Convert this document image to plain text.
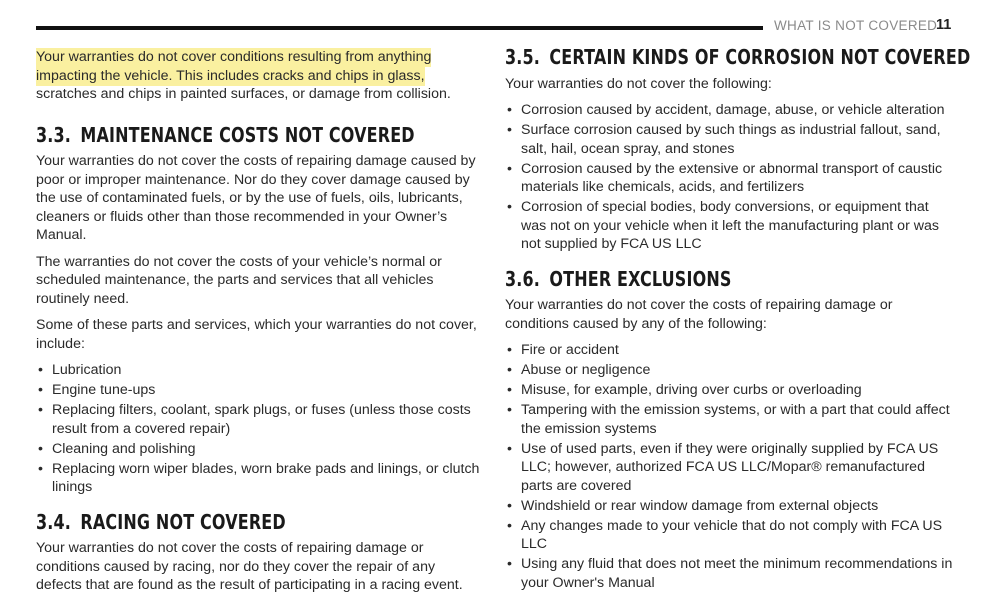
WHAT IS NOT COVERED
11

Your warranties do not cover conditions resulting from anything impacting the vehicle. This includes cracks and chips in glass, scratches and chips in painted surfaces, or damage from collision.

3.3. MAINTENANCE COSTS NOT COVERED

Your warranties do not cover the costs of repairing damage caused by poor or improper maintenance. Nor do they cover damage caused by the use of contaminated fuels, or by the use of fuels, oils, lubricants, cleaners or fluids other than those recommended in your Owner’s Manual.

The warranties do not cover the costs of your vehicle’s normal or scheduled maintenance, the parts and services that all vehicles routinely need.

Some of these parts and services, which your warranties do not cover, include:

• Lubrication
• Engine tune-ups
• Replacing filters, coolant, spark plugs, or fuses (unless those costs result from a covered repair)
• Cleaning and polishing
• Replacing worn wiper blades, worn brake pads and linings, or clutch linings
3.4. RACING NOT COVERED

Your warranties do not cover the costs of repairing damage or conditions caused by racing, nor do they cover the repair of any defects that are found as the result of participating in a racing event.

3.5. CERTAIN KINDS OF CORROSION NOT COVERED

Your warranties do not cover the following:

• Corrosion caused by accident, damage, abuse, or vehicle alteration
• Surface corrosion caused by such things as industrial fallout, sand, salt, hail, ocean spray, and stones
• Corrosion caused by the extensive or abnormal transport of caustic materials like chemicals, acids, and fertilizers
• Corrosion of special bodies, body conversions, or equipment that was not on your vehicle when it left the manufacturing plant or was not supplied by FCA US LLC
3.6. OTHER EXCLUSIONS

Your warranties do not cover the costs of repairing damage or conditions caused by any of the following:

• Fire or accident
• Abuse or negligence
• Misuse, for example, driving over curbs or overloading
• Tampering with the emission systems, or with a part that could affect the emission systems
• Use of used parts, even if they were originally supplied by FCA US LLC; however, authorized FCA US LLC/Mopar® remanufactured parts are covered
• Windshield or rear window damage from external objects
• Any changes made to your vehicle that do not comply with FCA US LLC
• Using any fluid that does not meet the minimum recommendations in your Owner's Manual
